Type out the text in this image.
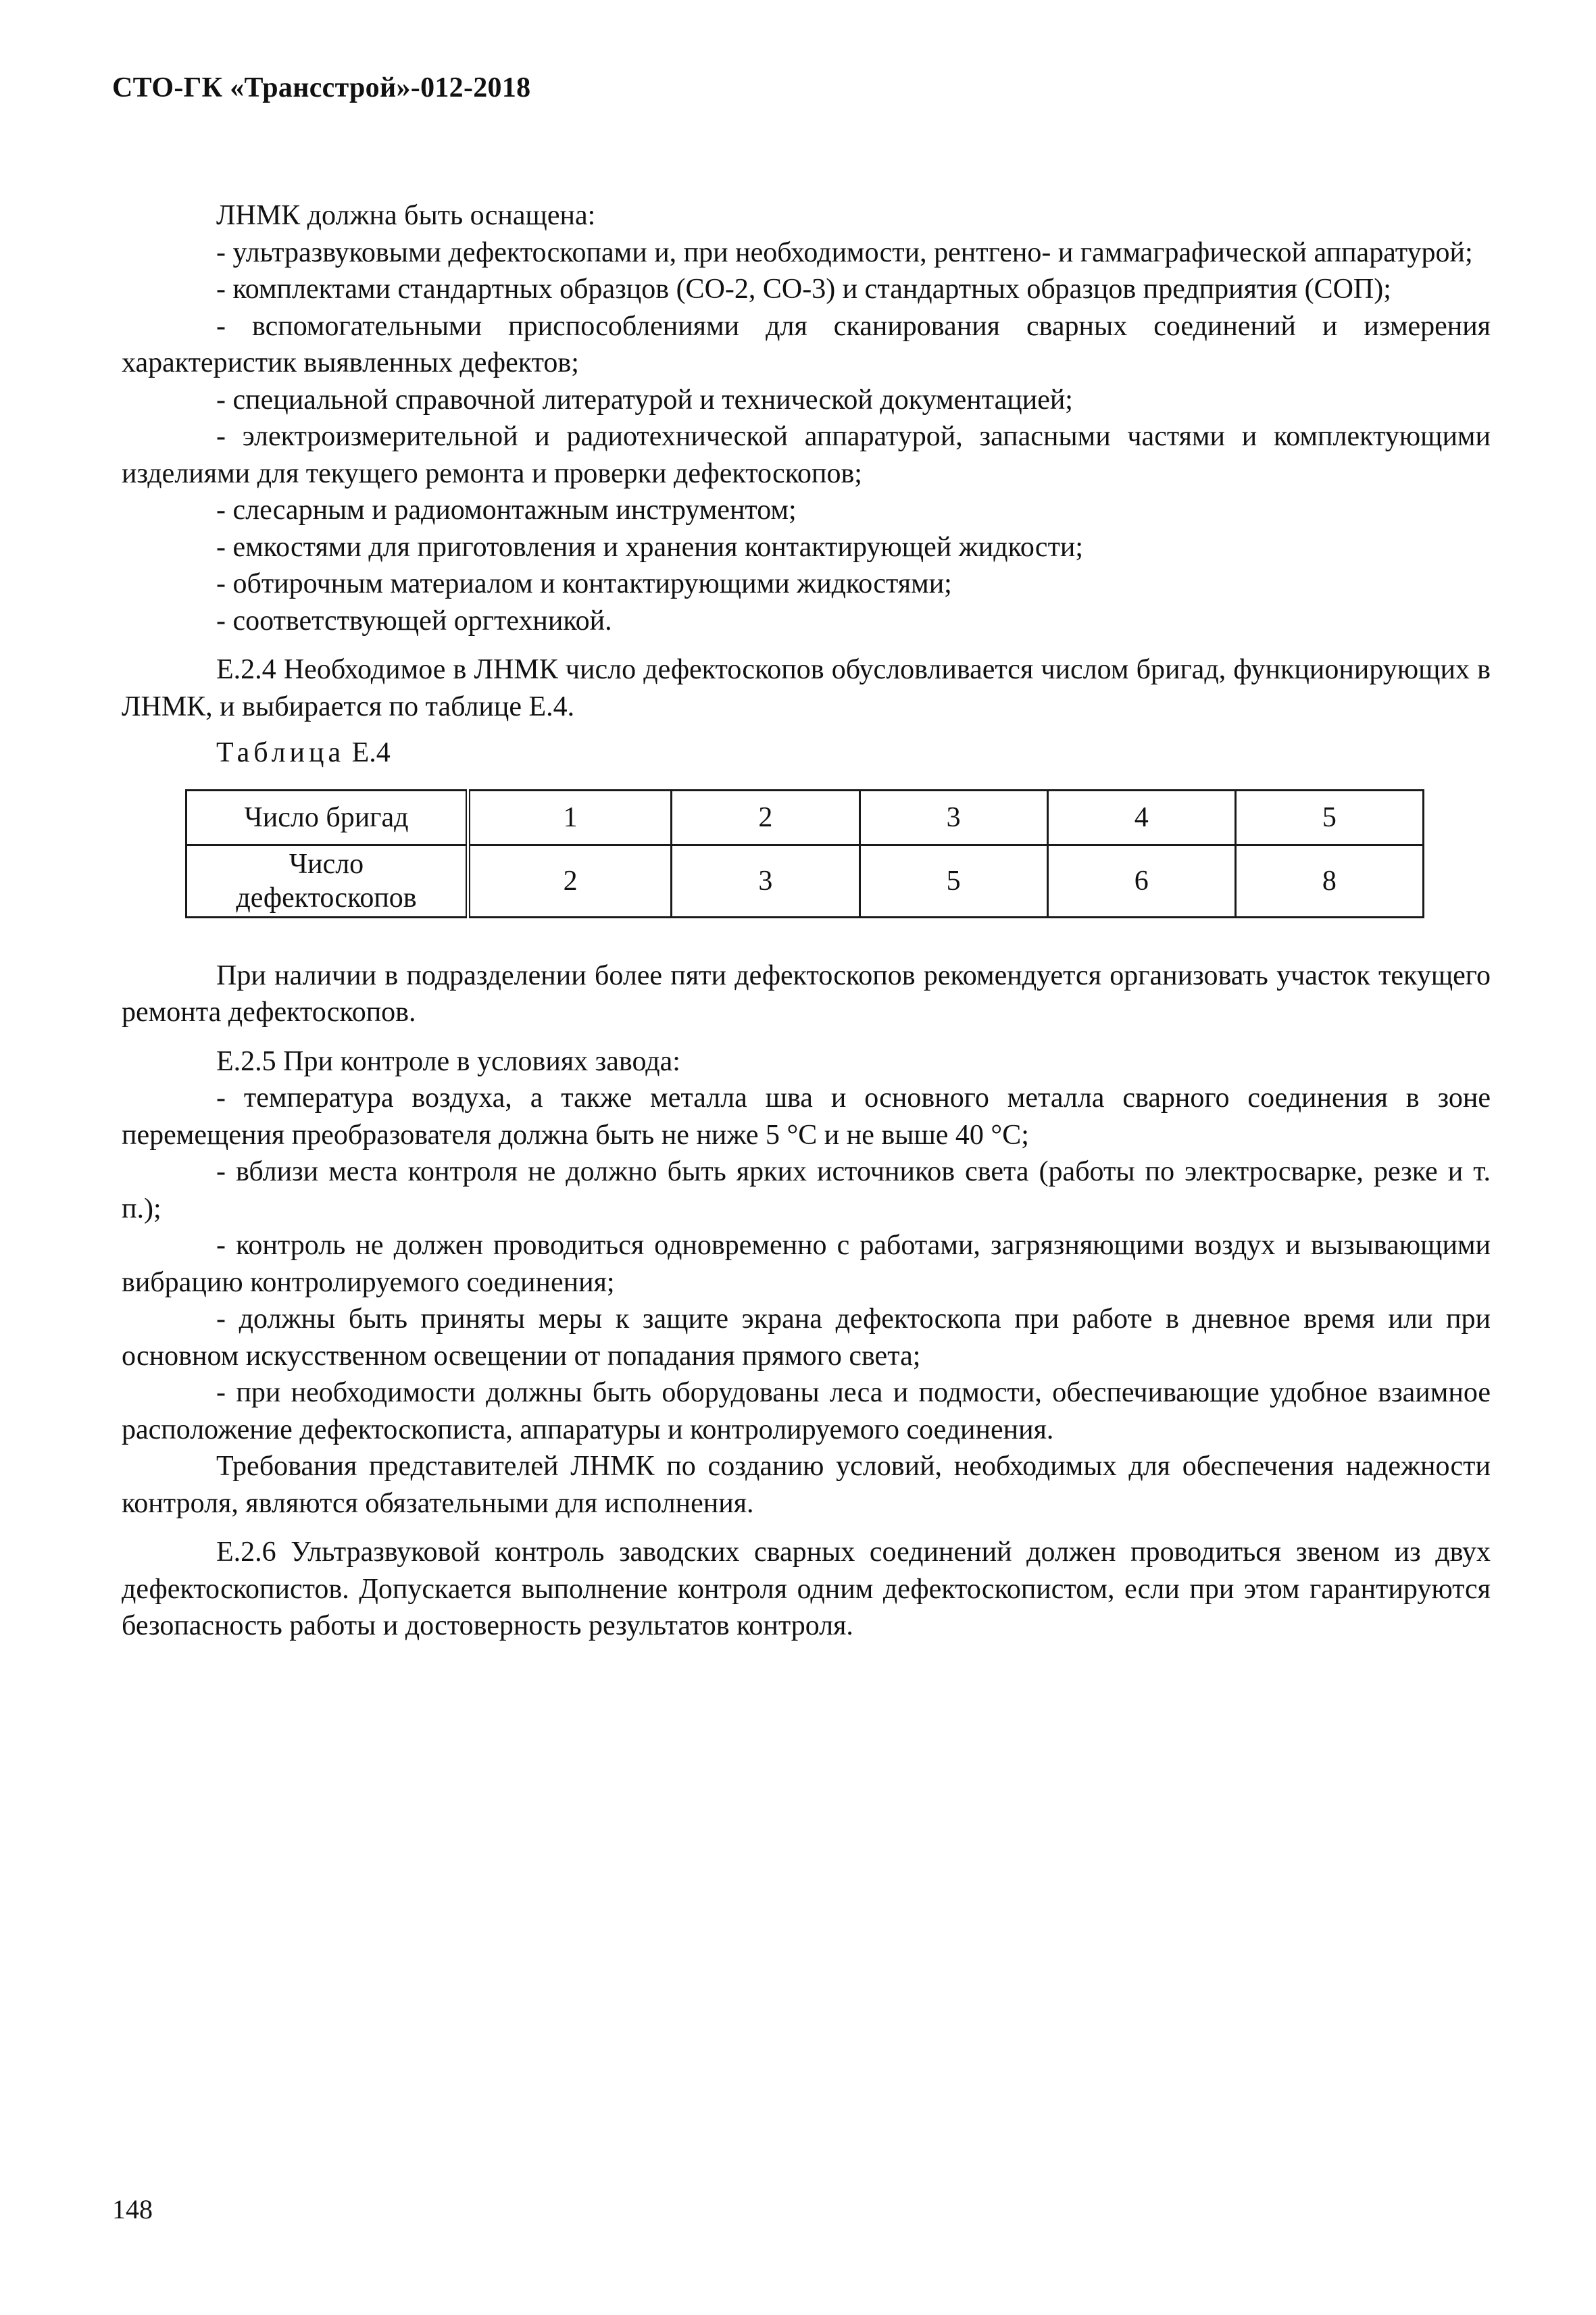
СТО-ГК «Трансстрой»-012-2018

ЛНМК должна быть оснащена:

- ультразвуковыми дефектоскопами и, при необходимости, рентгено- и гаммаграфической аппаратурой;

- комплектами стандартных образцов (СО-2, СО-3) и стандартных образцов предприятия (СОП);

- вспомогательными приспособлениями для сканирования сварных соединений и измерения характеристик выявленных дефектов;

- специальной справочной литературой и технической документацией;

- электроизмерительной и радиотехнической аппаратурой, запасными частями и комплектующими изделиями для текущего ремонта и проверки дефектоскопов;

- слесарным и радиомонтажным инструментом;

- емкостями для приготовления и хранения контактирующей жидкости;

- обтирочным материалом и контактирующими жидкостями;

- соответствующей оргтехникой.

Е.2.4 Необходимое в ЛНМК число дефектоскопов обусловливается числом бригад, функционирующих в ЛНМК, и выбирается по таблице Е.4.

Таблица Е.4

Число бригад	1	2	3	4	5
Число
дефектоскопов	2	3	5	6	8

При наличии в подразделении более пяти дефектоскопов рекомендуется организовать участок текущего ремонта дефектоскопов.

Е.2.5 При контроле в условиях завода:

- температура воздуха, а также металла шва и основного металла сварного соединения в зоне перемещения преобразователя должна быть не ниже 5 °С и не выше 40 °С;

- вблизи места контроля не должно быть ярких источников света (работы по электросварке, резке и т. п.);

- контроль не должен проводиться одновременно с работами, загрязняющими воздух и вызывающими вибрацию контролируемого соединения;

- должны быть приняты меры к защите экрана дефектоскопа при работе в дневное время или при основном искусственном освещении от попадания прямого света;

- при необходимости должны быть оборудованы леса и подмости, обеспечивающие удобное взаимное расположение дефектоскописта, аппаратуры и контролируемого соединения.

Требования представителей ЛНМК по созданию условий, необходимых для обеспечения надежности контроля, являются обязательными для исполнения.

Е.2.6 Ультразвуковой контроль заводских сварных соединений должен проводиться звеном из двух дефектоскопистов. Допускается выполнение контроля одним дефектоскопистом, если при этом гарантируются безопасность работы и достоверность результатов контроля.

148
